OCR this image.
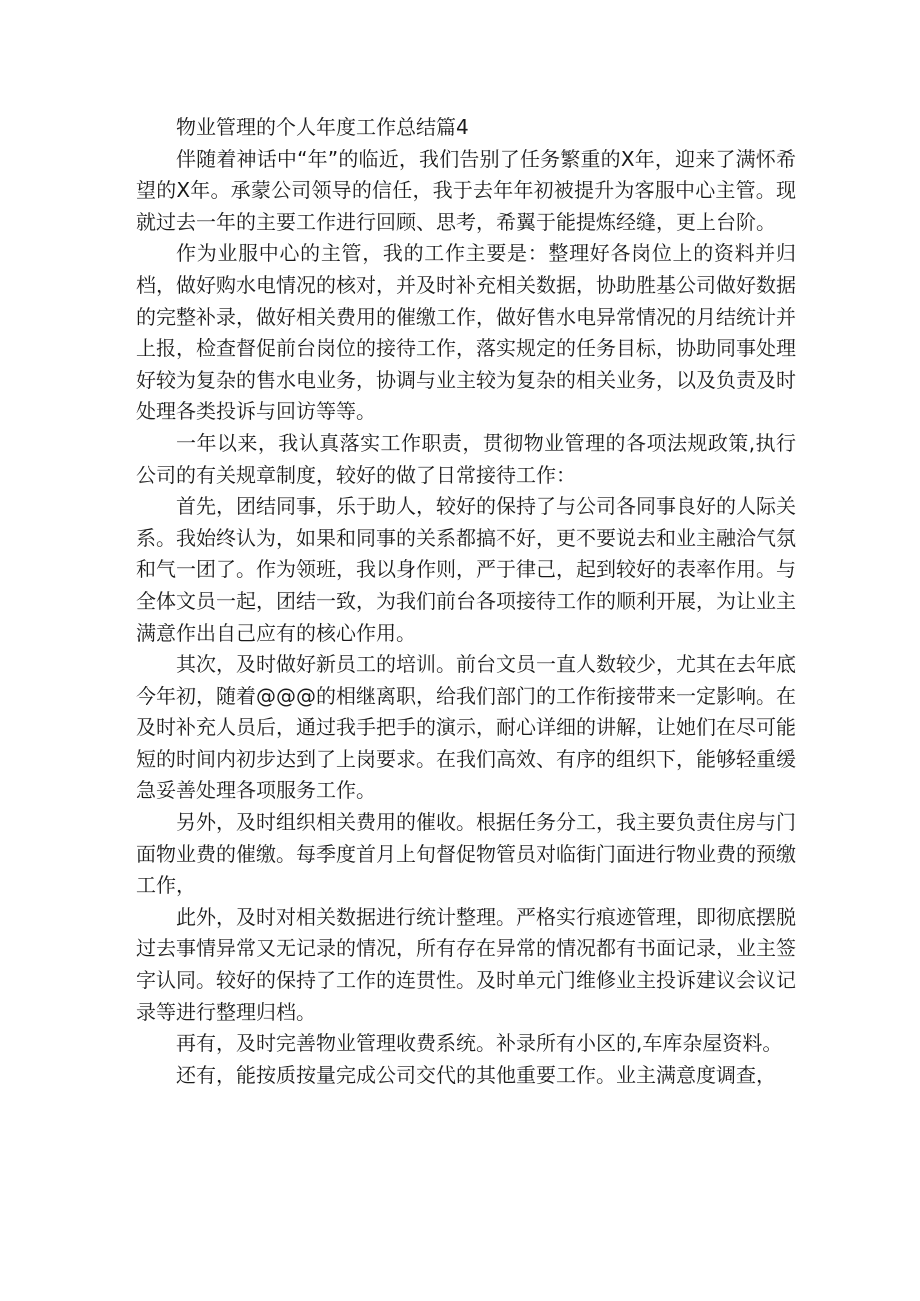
物业管理的个人年度工作总结篇4

伴随着神话中“年”的临近，我们告别了任务繁重的X年，迎来了满怀希望的X年。承蒙公司领导的信任，我于去年年初被提升为客服中心主管。现就过去一年的主要工作进行回顾、思考，希翼于能提炼经缝，更上台阶。

作为业服中心的主管，我的工作主要是：整理好各岗位上的资料并归档，做好购水电情况的核对，并及时补充相关数据，协助胜基公司做好数据的完整补录，做好相关费用的催缴工作，做好售水电异常情况的月结统计并上报，检查督促前台岗位的接待工作，落实规定的任务目标，协助同事处理好较为复杂的售水电业务，协调与业主较为复杂的相关业务，以及负责及时处理各类投诉与回访等等。

一年以来，我认真落实工作职责，贯彻物业管理的各项法规政策,执行公司的有关规章制度，较好的做了日常接待工作：

首先，团结同事，乐于助人，较好的保持了与公司各同事良好的人际关系。我始终认为，如果和同事的关系都搞不好，更不要说去和业主融洽气氛和气一团了。作为领班，我以身作则，严于律己，起到较好的表率作用。与全体文员一起，团结一致，为我们前台各项接待工作的顺利开展，为让业主满意作出自己应有的核心作用。

其次，及时做好新员工的培训。前台文员一直人数较少，尤其在去年底今年初，随着@@@的相继离职，给我们部门的工作衔接带来一定影响。在及时补充人员后，通过我手把手的演示，耐心详细的讲解，让她们在尽可能短的时间内初步达到了上岗要求。在我们高效、有序的组织下，能够轻重缓急妥善处理各项服务工作。

另外，及时组织相关费用的催收。根据任务分工，我主要负责住房与门面物业费的催缴。每季度首月上旬督促物管员对临街门面进行物业费的预缴工作，

此外，及时对相关数据进行统计整理。严格实行痕迹管理，即彻底摆脱过去事情异常又无记录的情况，所有存在异常的情况都有书面记录，业主签字认同。较好的保持了工作的连贯性。及时单元门维修业主投诉建议会议记录等进行整理归档。

再有，及时完善物业管理收费系统。补录所有小区的,车库杂屋资料。

还有，能按质按量完成公司交代的其他重要工作。业主满意度调查，
